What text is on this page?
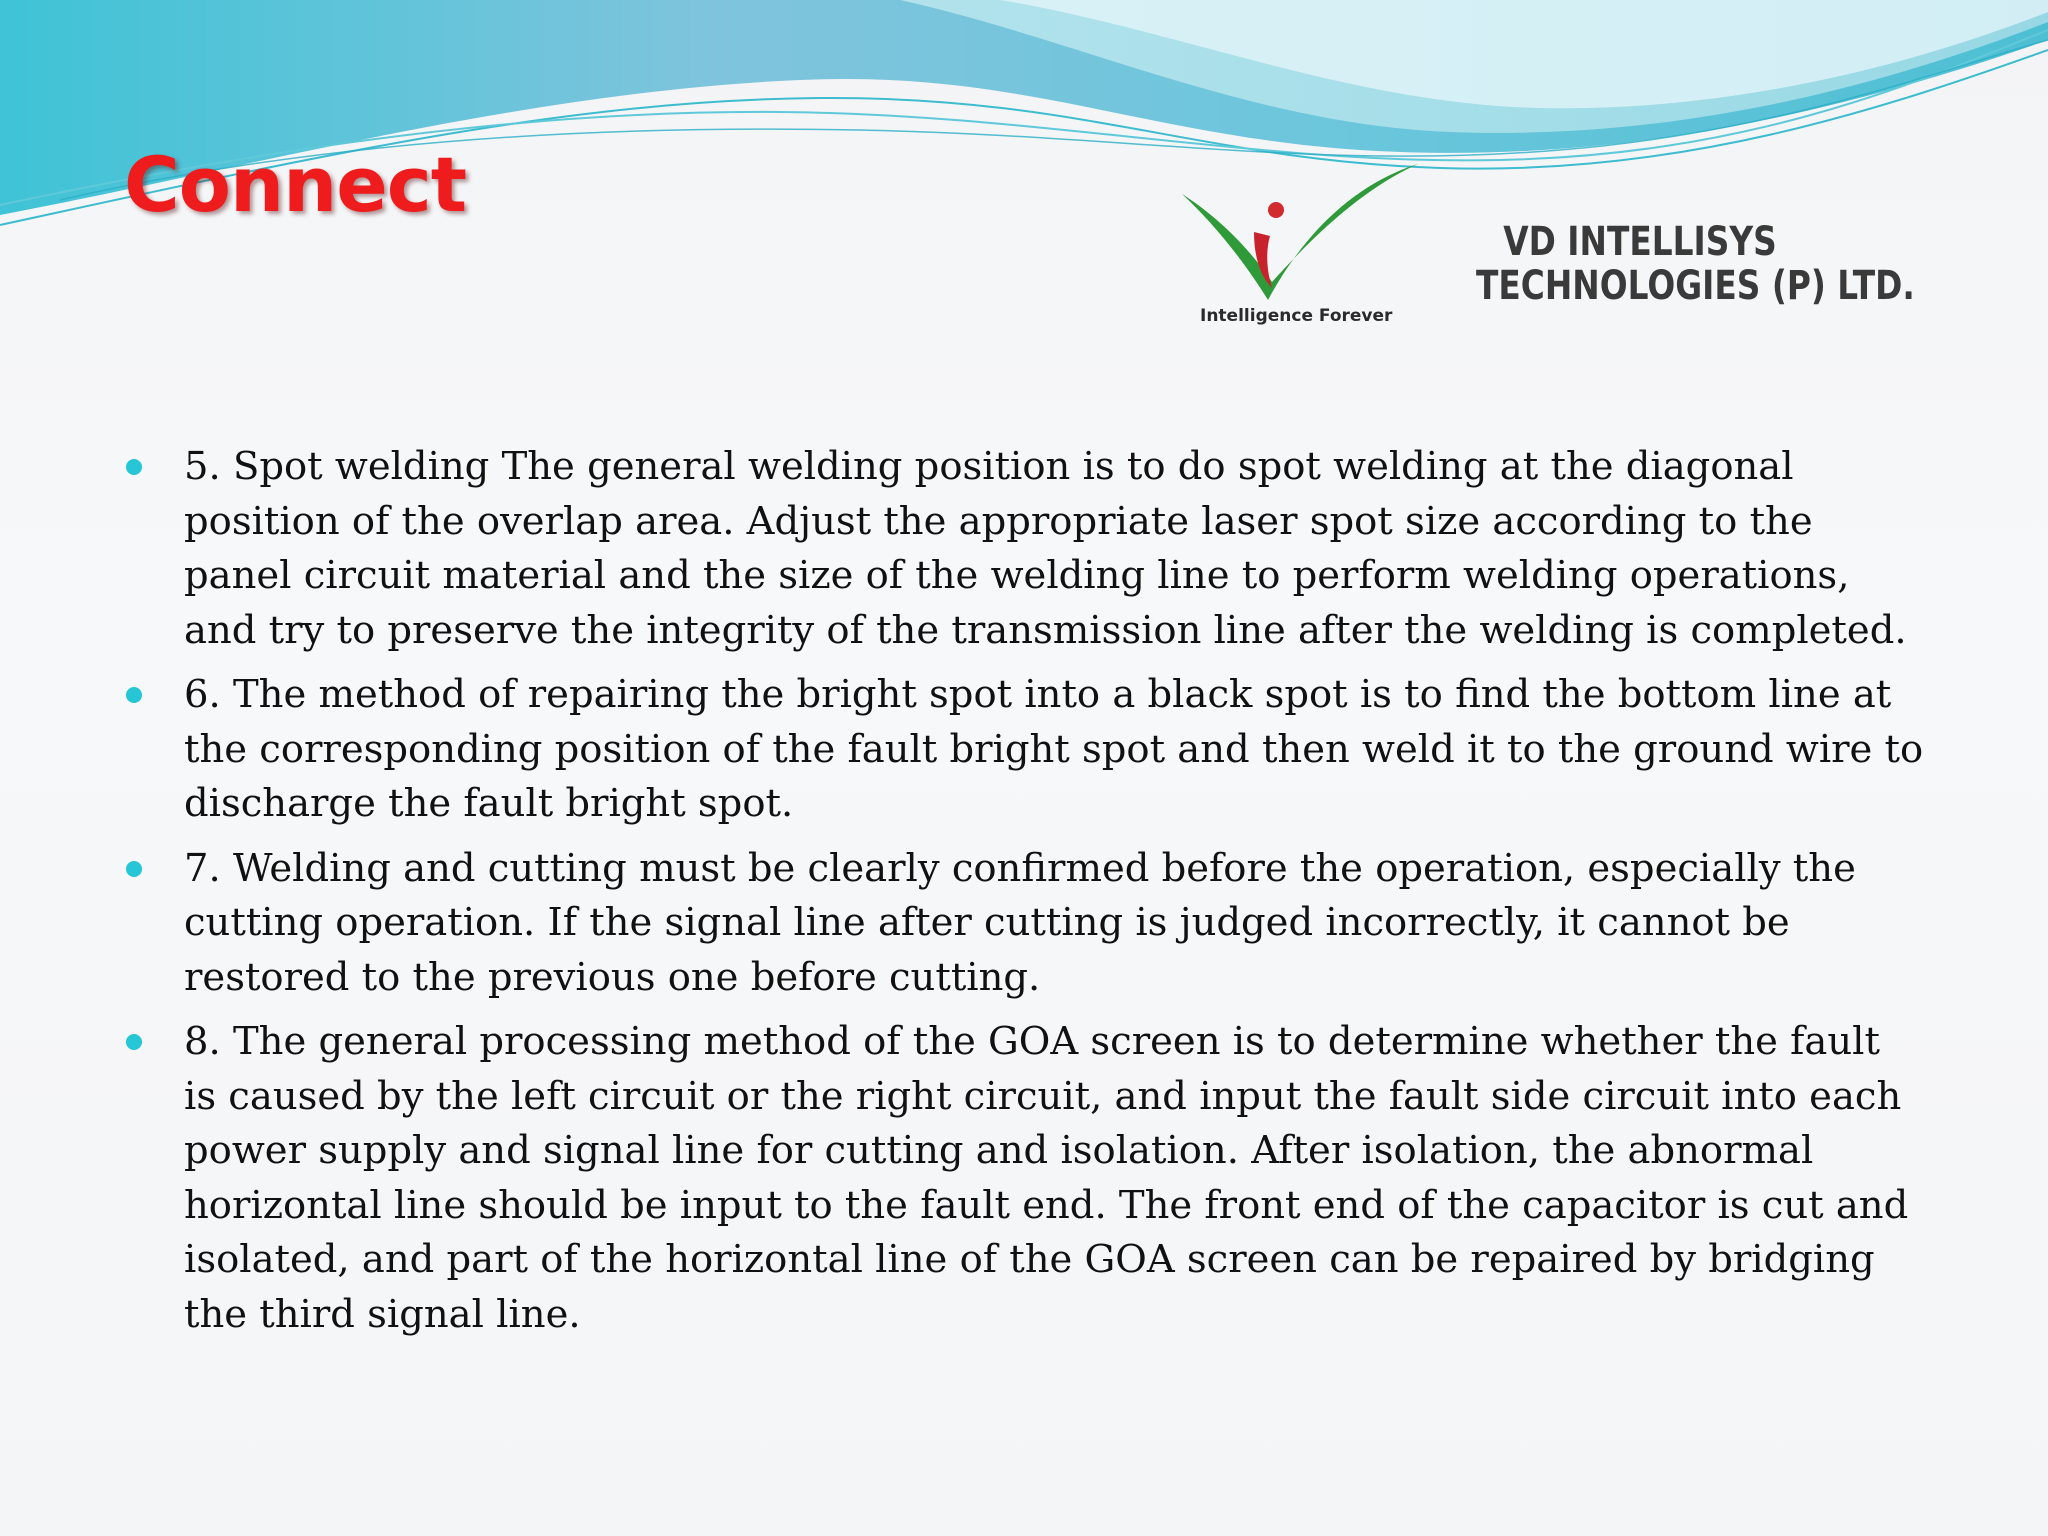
Connect
Intelligence Forever
VD INTELLISYS
TECHNOLOGIES (P) LTD.
5. Spot welding The general welding position is to do spot welding at the diagonal position of the overlap area. Adjust the appropriate laser spot size according to the panel circuit material and the size of the welding line to perform welding operations, and try to preserve the integrity of the transmission line after the welding is completed.
6. The method of repairing the bright spot into a black spot is to find the bottom line at the corresponding position of the fault bright spot and then weld it to the ground wire to discharge the fault bright spot.
7. Welding and cutting must be clearly confirmed before the operation, especially the cutting operation. If the signal line after cutting is judged incorrectly, it cannot be restored to the previous one before cutting.
8. The general processing method of the GOA screen is to determine whether the fault is caused by the left circuit or the right circuit, and input the fault side circuit into each power supply and signal line for cutting and isolation. After isolation, the abnormal horizontal line should be input to the fault end. The front end of the capacitor is cut and isolated, and part of the horizontal line of the GOA screen can be repaired by bridging the third signal line.
